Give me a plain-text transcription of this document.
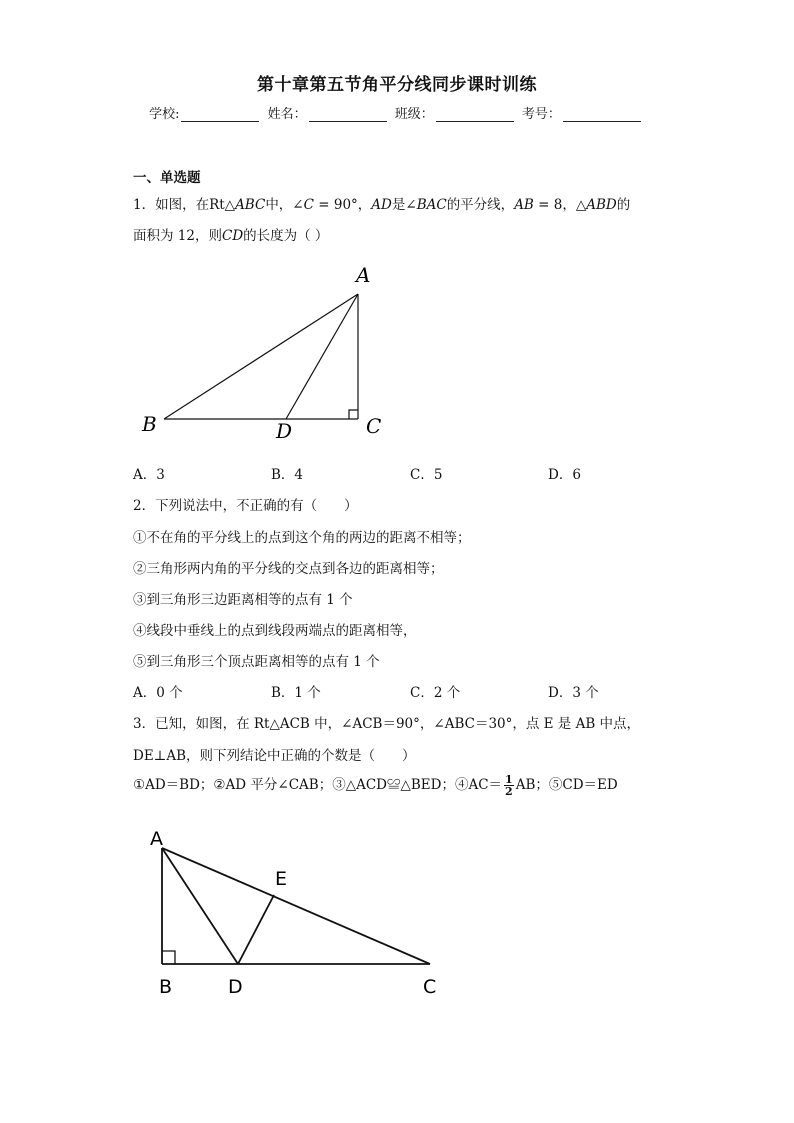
第十章第五节角平分线同步课时训练
学校:	姓名：	班级：	考号：
一、单选题
1．如图，在Rt△ABC中，∠C = 90°，AD是∠BAC的平分线，AB = 8，△ABD的
面积为 12，则CD的长度为（ ）
A
B	C
D
A．3	B．4	C．5	D．6
2．下列说法中，不正确的有（　　）
①不在角的平分线上的点到这个角的两边的距离不相等；
②三角形两内角的平分线的交点到各边的距离相等；
③到三角形三边距离相等的点有 1 个
④线段中垂线上的点到线段两端点的距离相等，
⑤到三角形三个顶点距离相等的点有 1 个
A．0 个	B．1 个	C．2 个	D．3 个
3．已知，如图，在 Rt△ACB 中，∠ACB＝90°，∠ABC＝30°，点 E 是 AB 中点，
DE⊥AB，则下列结论中正确的个数是（　　）
①AD＝BD；②AD 平分∠CAB；③△ACD≌△BED；④AC＝ $\frac{1}{2}$ AB；⑤CD＝ED
A
B	D	C
E
